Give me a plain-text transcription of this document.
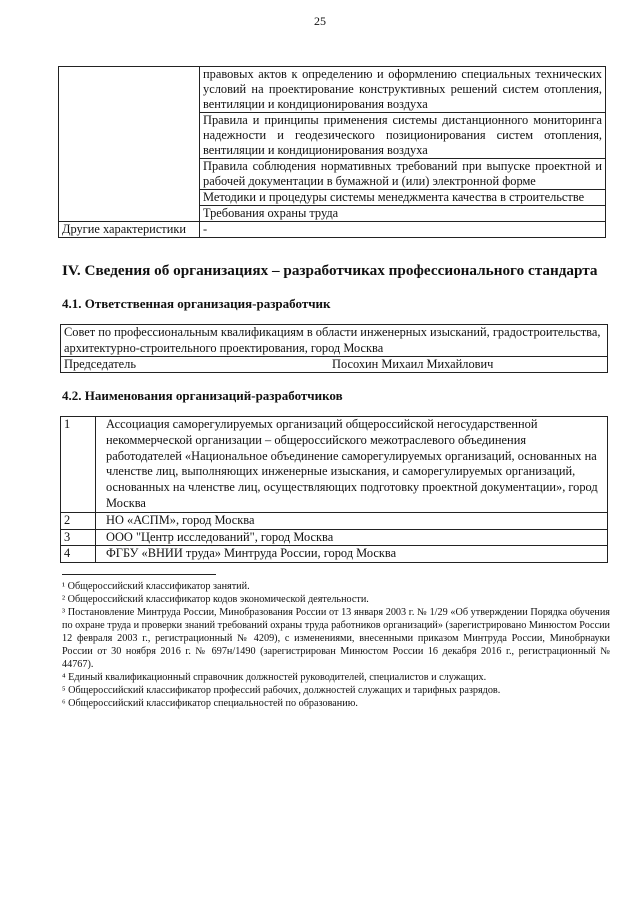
25
	правовых актов к определению и оформлению специальных технических условий на проектирование конструктивных решений систем отопления, вентиляции и кондиционирования воздуха
	Правила и принципы применения системы дистанционного мониторинга надежности и геодезического позиционирования систем отопления, вентиляции и кондиционирования воздуха
	Правила соблюдения нормативных требований при выпуске проектной и рабочей документации в бумажной и (или) электронной форме
	Методики и процедуры системы менеджмента качества в строительстве
	Требования охраны труда
Другие характеристики	-
IV. Сведения об организациях – разработчиках профессионального стандарта
4.1. Ответственная организация-разработчик
Совет по профессиональным квалификациям в области инженерных изысканий, градостроительства, архитектурно-строительного проектирования, город Москва

Председатель	Посохин Михаил Михайлович
4.2. Наименования организаций-разработчиков
1	Ассоциация саморегулируемых организаций общероссийской негосударственной некоммерческой организации – общероссийского межотраслевого объединения работодателей «Национальное объединение саморегулируемых организаций, основанных на членстве лиц, выполняющих инженерные изыскания, и саморегулируемых организаций, основанных на членстве лиц, осуществляющих подготовку проектной документации», город Москва
2	НО «АСПМ», город Москва
3	ООО "Центр исследований", город Москва
4	ФГБУ «ВНИИ труда» Минтруда России, город Москва

¹ Общероссийский классификатор занятий.

² Общероссийский классификатор кодов экономической деятельности.

³ Постановление Минтруда России, Минобразования России от 13 января 2003 г. № 1/29 «Об утверждении Порядка обучения по охране труда и проверки знаний требований охраны труда работников организаций» (зарегистрировано Минюстом России 12 февраля 2003 г., регистрационный № 4209), с изменениями, внесенными приказом Минтруда России, Минобрнауки России от 30 ноября 2016 г. № 697н/1490 (зарегистрирован Минюстом России 16 декабря 2016 г., регистрационный № 44767).

⁴ Единый квалификационный справочник должностей руководителей, специалистов и служащих.

⁵ Общероссийский классификатор профессий рабочих, должностей служащих и тарифных разрядов.

⁶ Общероссийский классификатор специальностей по образованию.
